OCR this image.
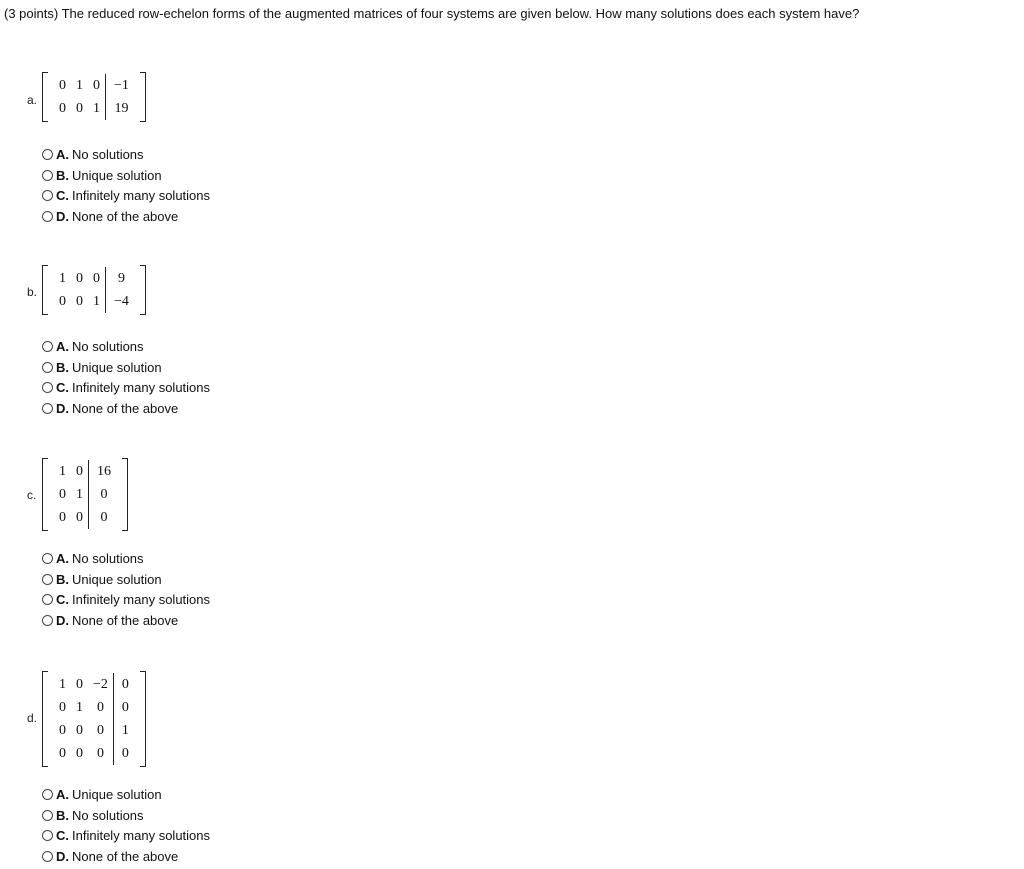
(3 points) The reduced row-echelon forms of the augmented matrices of four systems are given below. How many solutions does each system have?
a.
0	1	0	−1
0	0	1	19
A. No solutions
B. Unique solution
C. Infinitely many solutions
D. None of the above
b.
1	0	0	9
0	0	1	−4
A. No solutions
B. Unique solution
C. Infinitely many solutions
D. None of the above
c.
1	0	16
0	1	0
0	0	0
A. No solutions
B. Unique solution
C. Infinitely many solutions
D. None of the above
d.
1	0	−2	0
0	1	0	0
0	0	0	1
0	0	0	0
A. Unique solution
B. No solutions
C. Infinitely many solutions
D. None of the above
